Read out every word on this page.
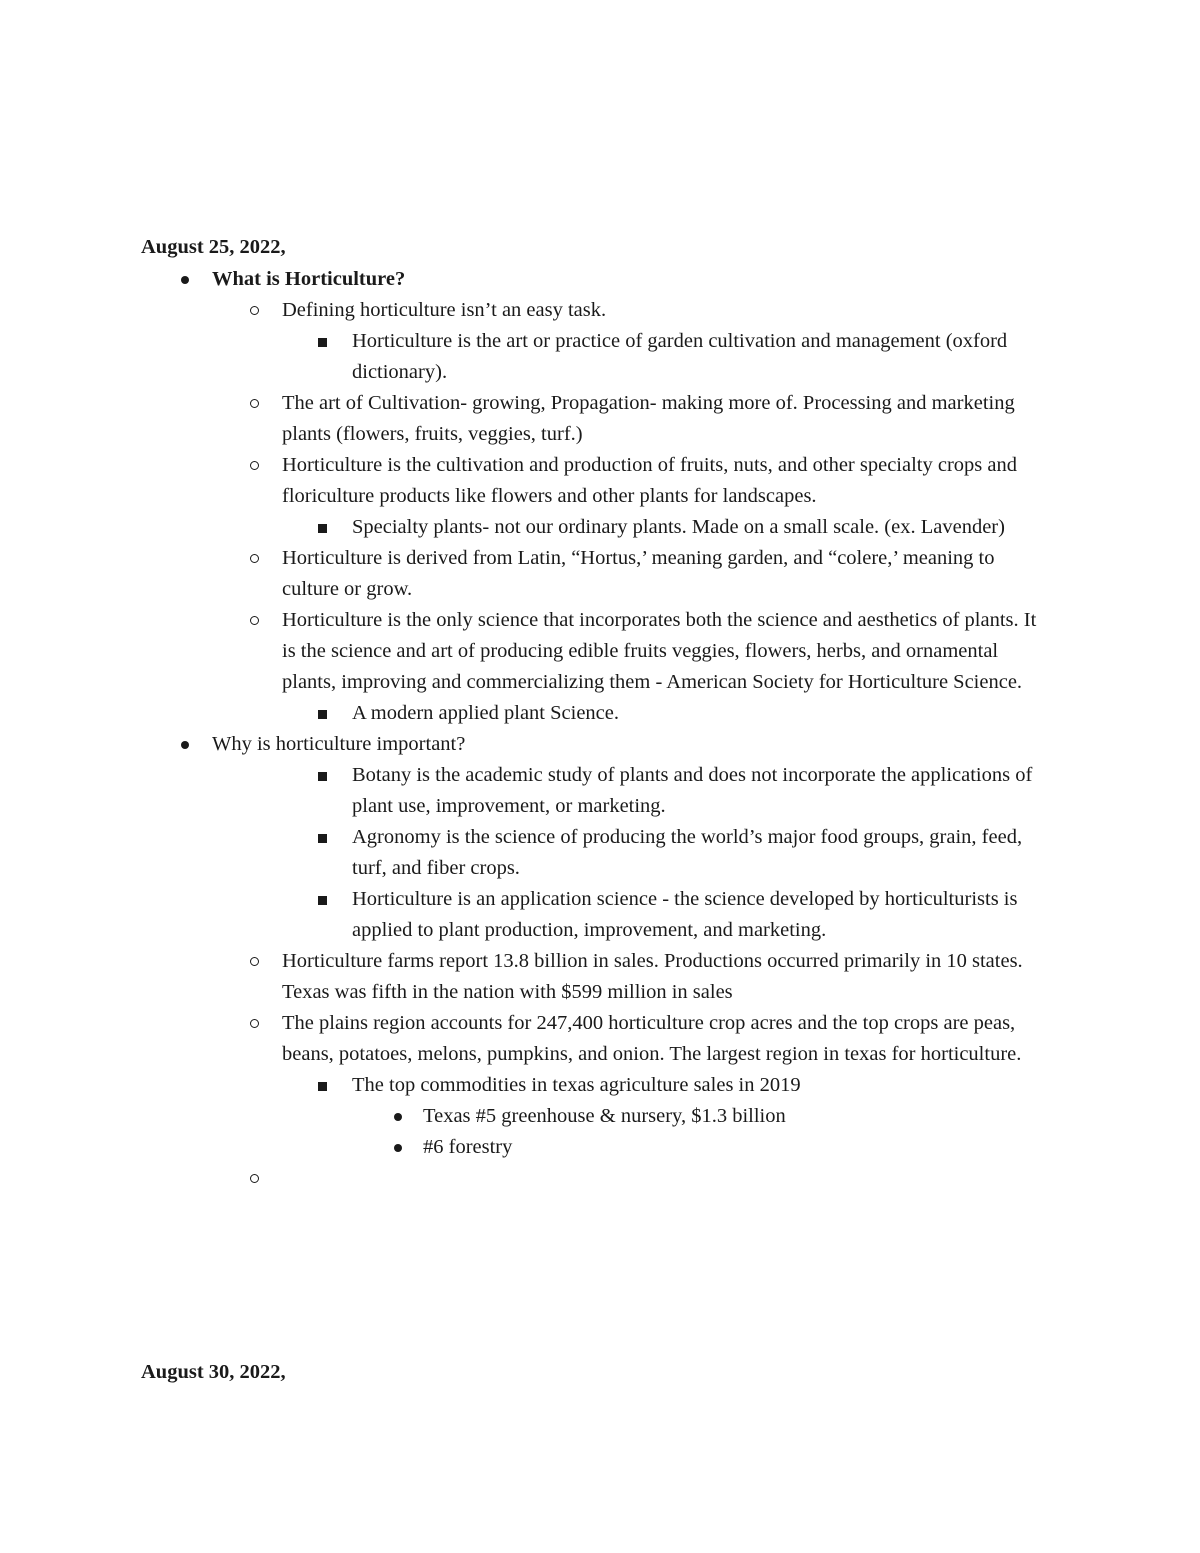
August 25, 2022,
What is Horticulture?
Defining horticulture isn’t an easy task.
Horticulture is the art or practice of garden cultivation and management (oxford dictionary).
The art of Cultivation- growing, Propagation- making more of. Processing and marketing plants (flowers, fruits, veggies, turf.)
Horticulture is the cultivation and production of fruits, nuts, and other specialty crops and floriculture products like flowers and other plants for landscapes.
Specialty plants- not our ordinary plants. Made on a small scale. (ex. Lavender)
Horticulture is derived from Latin, “Hortus,’ meaning garden, and “colere,’ meaning to culture or grow.
Horticulture is the only science that incorporates both the science and aesthetics of plants. It is the science and art of producing edible fruits veggies, flowers, herbs, and ornamental plants, improving and commercializing them - American Society for Horticulture Science.
A modern applied plant Science.
Why is horticulture important?
Botany is the academic study of plants and does not incorporate the applications of plant use, improvement, or marketing.
Agronomy is the science of producing the world’s major food groups, grain, feed, turf, and fiber crops.
Horticulture is an application science - the science developed by horticulturists is applied to plant production, improvement, and marketing.
Horticulture farms report 13.8 billion in sales. Productions occurred primarily in 10 states. Texas was fifth in the nation with $599 million in sales
The plains region accounts for 247,400 horticulture crop acres and the top crops are peas, beans, potatoes, melons, pumpkins, and onion. The largest region in texas for horticulture.
The top commodities in texas agriculture sales in 2019
Texas #5 greenhouse & nursery, $1.3 billion
#6 forestry
August 30, 2022,
